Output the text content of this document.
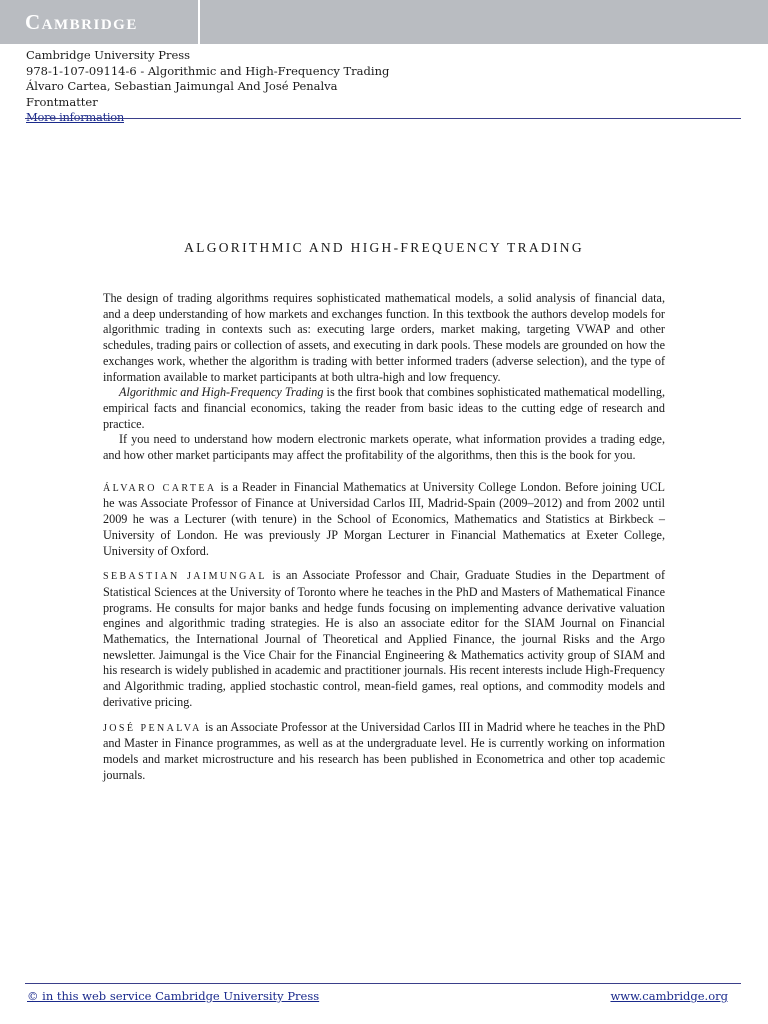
Cambridge
Cambridge University Press
978-1-107-09114-6 - Algorithmic and High-Frequency Trading
Álvaro Cartea, Sebastian Jaimungal And José Penalva
Frontmatter
More information
ALGORITHMIC AND HIGH-FREQUENCY TRADING

The design of trading algorithms requires sophisticated mathematical models, a solid analysis of financial data, and a deep understanding of how markets and exchanges function. In this textbook the authors develop models for algorithmic trading in contexts such as: executing large orders, market making, targeting VWAP and other schedules, trading pairs or collection of assets, and executing in dark pools. These models are grounded on how the exchanges work, whether the algorithm is trading with better informed traders (adverse selection), and the type of information available to market participants at both ultra-high and low frequency.

Algorithmic and High-Frequency Trading is the first book that combines sophisticated mathematical modelling, empirical facts and financial economics, taking the reader from basic ideas to the cutting edge of research and practice.

If you need to understand how modern electronic markets operate, what information provides a trading edge, and how other market participants may affect the profitability of the algorithms, then this is the book for you.

ÁLVARO CARTEA is a Reader in Financial Mathematics at University College London. Before joining UCL he was Associate Professor of Finance at Universidad Carlos III, Madrid-Spain (2009–2012) and from 2002 until 2009 he was a Lecturer (with tenure) in the School of Economics, Mathematics and Statistics at Birkbeck – University of London. He was previously JP Morgan Lecturer in Financial Mathematics at Exeter College, University of Oxford.

SEBASTIAN JAIMUNGAL is an Associate Professor and Chair, Graduate Studies in the Department of Statistical Sciences at the University of Toronto where he teaches in the PhD and Masters of Mathematical Finance programs. He consults for major banks and hedge funds focusing on implementing advance derivative valuation engines and algorithmic trading strategies. He is also an associate editor for the SIAM Journal on Financial Mathematics, the International Journal of Theoretical and Applied Finance, the journal Risks and the Argo newsletter. Jaimungal is the Vice Chair for the Financial Engineering & Mathematics activity group of SIAM and his research is widely published in academic and practitioner journals. His recent interests include High-Frequency and Algorithmic trading, applied stochastic control, mean-field games, real options, and commodity models and derivative pricing.

JOSÉ PENALVA is an Associate Professor at the Universidad Carlos III in Madrid where he teaches in the PhD and Master in Finance programmes, as well as at the undergraduate level. He is currently working on information models and market microstructure and his research has been published in Econometrica and other top academic journals.

© in this web service Cambridge University Press	www.cambridge.org
